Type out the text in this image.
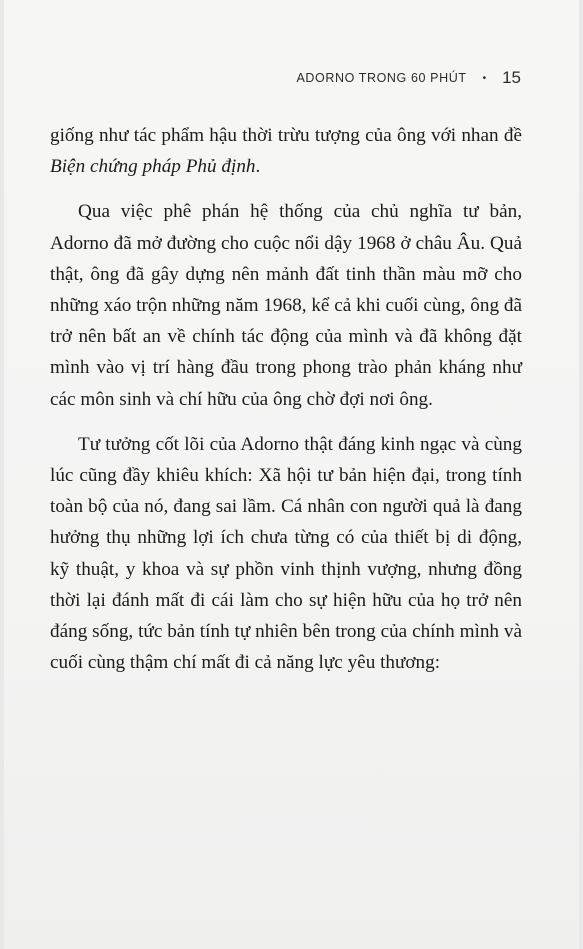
ADORNO TRONG 60 PHÚT • 15

giống như tác phẩm hậu thời trừu tượng của ông với nhan đề Biện chứng pháp Phủ định.

Qua việc phê phán hệ thống của chủ nghĩa tư bản, Adorno đã mở đường cho cuộc nổi dậy 1968 ở châu Âu. Quả thật, ông đã gây dựng nên mảnh đất tinh thần màu mỡ cho những xáo trộn những năm 1968, kể cả khi cuối cùng, ông đã trở nên bất an về chính tác động của mình và đã không đặt mình vào vị trí hàng đầu trong phong trào phản kháng như các môn sinh và chí hữu của ông chờ đợi nơi ông.

Tư tưởng cốt lõi của Adorno thật đáng kinh ngạc và cùng lúc cũng đầy khiêu khích: Xã hội tư bản hiện đại, trong tính toàn bộ của nó, đang sai lầm. Cá nhân con người quả là đang hưởng thụ những lợi ích chưa từng có của thiết bị di động, kỹ thuật, y khoa và sự phồn vinh thịnh vượng, nhưng đồng thời lại đánh mất đi cái làm cho sự hiện hữu của họ trở nên đáng sống, tức bản tính tự nhiên bên trong của chính mình và cuối cùng thậm chí mất đi cả năng lực yêu thương:
